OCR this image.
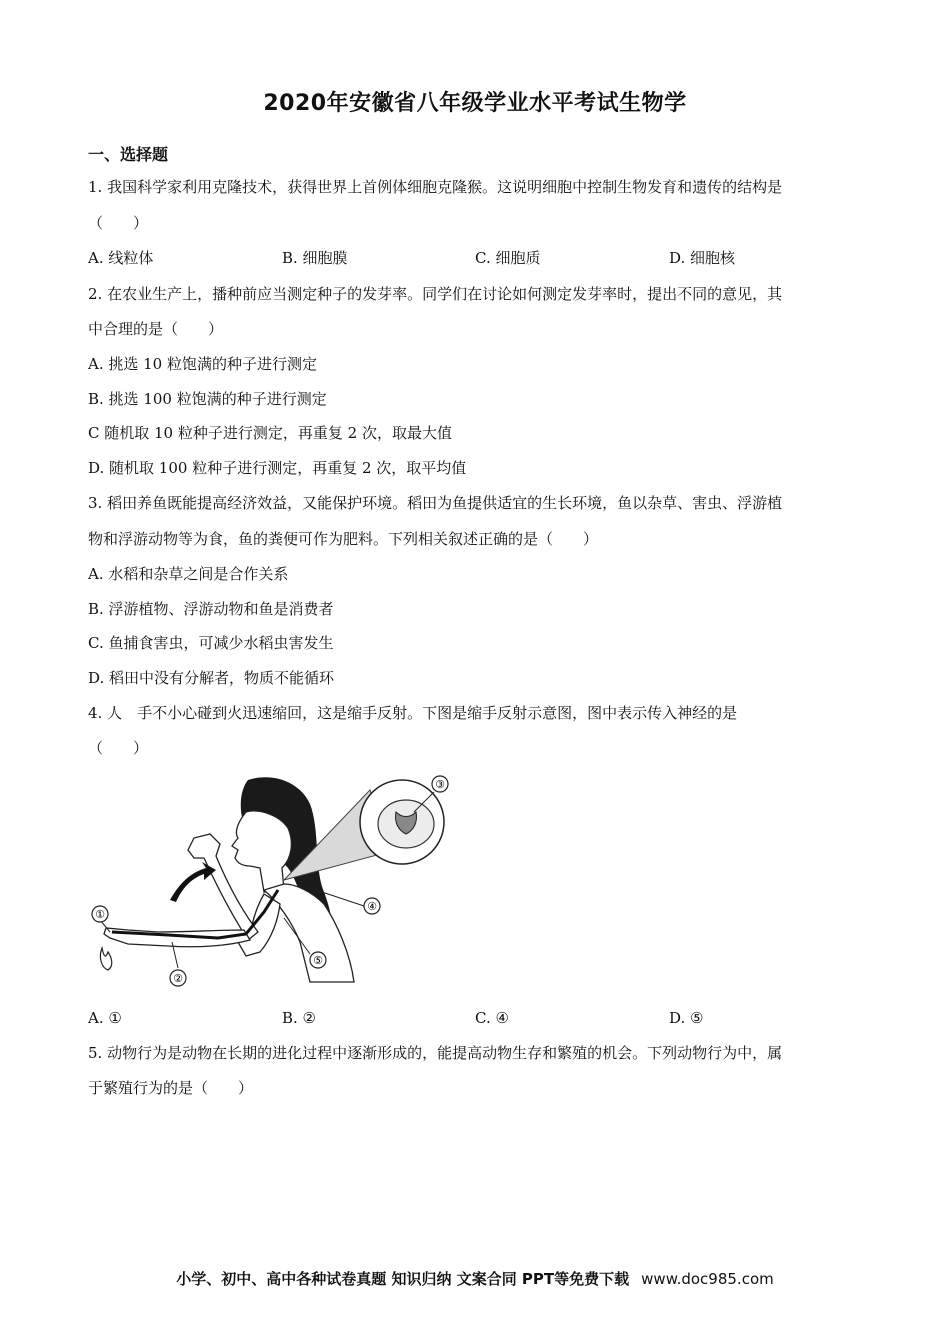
2020年安徽省八年级学业水平考试生物学
一、选择题
1. 我国科学家利用克隆技术，获得世界上首例体细胞克隆猴。这说明细胞中控制生物发育和遗传的结构是
（　　）
A. 线粒体	B. 细胞膜	C. 细胞质	D. 细胞核
2. 在农业生产上，播种前应当测定种子的发芽率。同学们在讨论如何测定发芽率时，提出不同的意见，其
中合理的是（　　）
A. 挑选 10 粒饱满的种子进行测定
B. 挑选 100 粒饱满的种子进行测定
C 随机取 10 粒种子进行测定，再重复 2 次，取最大值
D. 随机取 100 粒种子进行测定，再重复 2 次，取平均值
3. 稻田养鱼既能提高经济效益，又能保护环境。稻田为鱼提供适宜的生长环境，鱼以杂草、害虫、浮游植
物和浮游动物等为食，鱼的粪便可作为肥料。下列相关叙述正确的是（　　）
A. 水稻和杂草之间是合作关系
B. 浮游植物、浮游动物和鱼是消费者
C. 鱼捕食害虫，可减少水稻虫害发生
D. 稻田中没有分解者，物质不能循环
4. 人　手不小心碰到火迅速缩回，这是缩手反射。下图是缩手反射示意图，图中表示传入神经的是
（　　）
①
②
③
④
⑤
A. ①	B. ②	C. ④	D. ⑤
5. 动物行为是动物在长期的进化过程中逐渐形成的，能提高动物生存和繁殖的机会。下列动物行为中，属
于繁殖行为的是（　　）
小学、初中、高中各种试卷真题 知识归纳 文案合同 PPT等免费下载 www.doc985.com
